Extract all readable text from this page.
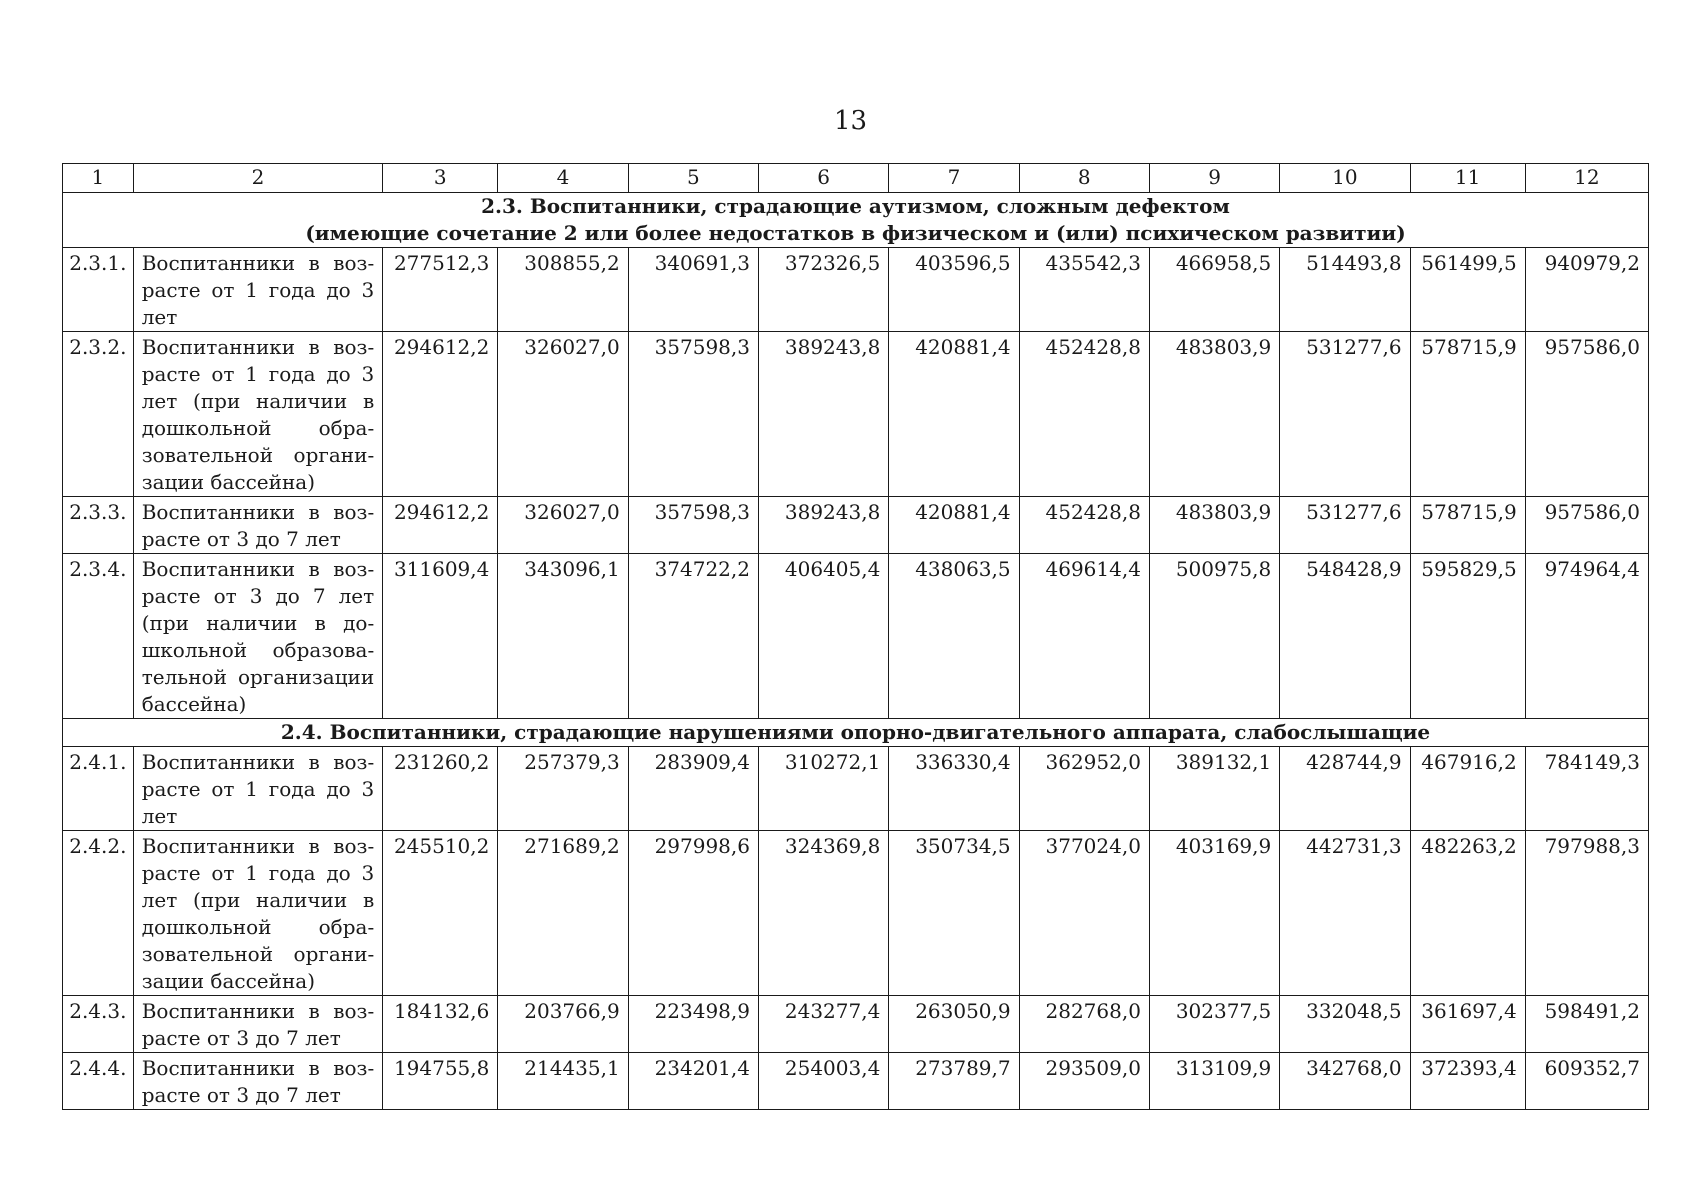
13
1	2	3	4	5	6	7	8	9	10	11	12

2.3. Воспитанники, страдающие аутизмом, сложным дефектом
(имеющие сочетание 2 или более недостатков в физическом и (или) психическом развитии)											

2.3.1.	Воспитанники в возрасте от 1 года до 3 лет	277512,3	308855,2	340691,3	372326,5	403596,5	435542,3	466958,5	514493,8	561499,5	940979,2
2.3.2.	Воспитанники в возрасте от 1 года до 3 лет (при наличии в дошкольной образовательной организации бассейна)	294612,2	326027,0	357598,3	389243,8	420881,4	452428,8	483803,9	531277,6	578715,9	957586,0
2.3.3.	Воспитанники в возрасте от 3 до 7 лет	294612,2	326027,0	357598,3	389243,8	420881,4	452428,8	483803,9	531277,6	578715,9	957586,0
2.3.4.	Воспитанники в возрасте от 3 до 7 лет (при наличии в дошкольной образовательной организации бассейна)	311609,4	343096,1	374722,2	406405,4	438063,5	469614,4	500975,8	548428,9	595829,5	974964,4

2.4. Воспитанники, страдающие нарушениями опорно-двигательного аппарата, слабослышащие											

2.4.1.	Воспитанники в возрасте от 1 года до 3 лет	231260,2	257379,3	283909,4	310272,1	336330,4	362952,0	389132,1	428744,9	467916,2	784149,3
2.4.2.	Воспитанники в возрасте от 1 года до 3 лет (при наличии в дошкольной образовательной организации бассейна)	245510,2	271689,2	297998,6	324369,8	350734,5	377024,0	403169,9	442731,3	482263,2	797988,3
2.4.3.	Воспитанники в возрасте от 3 до 7 лет	184132,6	203766,9	223498,9	243277,4	263050,9	282768,0	302377,5	332048,5	361697,4	598491,2
2.4.4.	Воспитанники в возрасте от 3 до 7 лет	194755,8	214435,1	234201,4	254003,4	273789,7	293509,0	313109,9	342768,0	372393,4	609352,7
